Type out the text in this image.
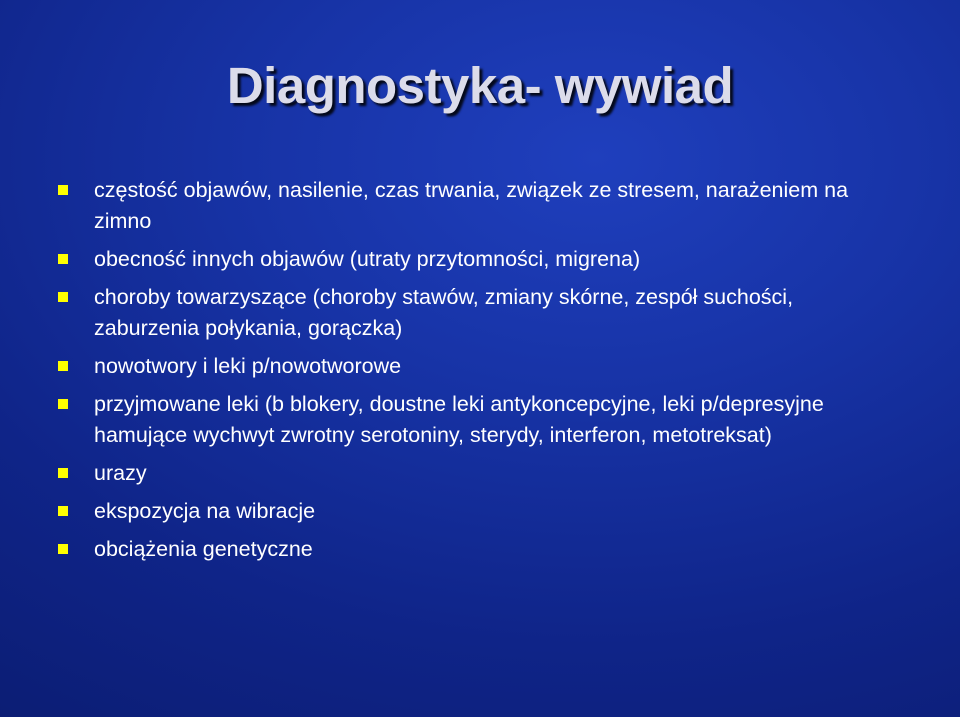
Diagnostyka- wywiad
częstość objawów, nasilenie, czas trwania, związek ze stresem, narażeniem na zimno
obecność innych objawów (utraty przytomności, migrena)
choroby towarzyszące (choroby stawów, zmiany skórne, zespół suchości, zaburzenia połykania, gorączka)
nowotwory i leki p/nowotworowe
przyjmowane leki (b blokery, doustne leki antykoncepcyjne, leki p/depresyjne hamujące wychwyt zwrotny serotoniny, sterydy, interferon, metotreksat)
urazy
ekspozycja na wibracje
obciążenia genetyczne
